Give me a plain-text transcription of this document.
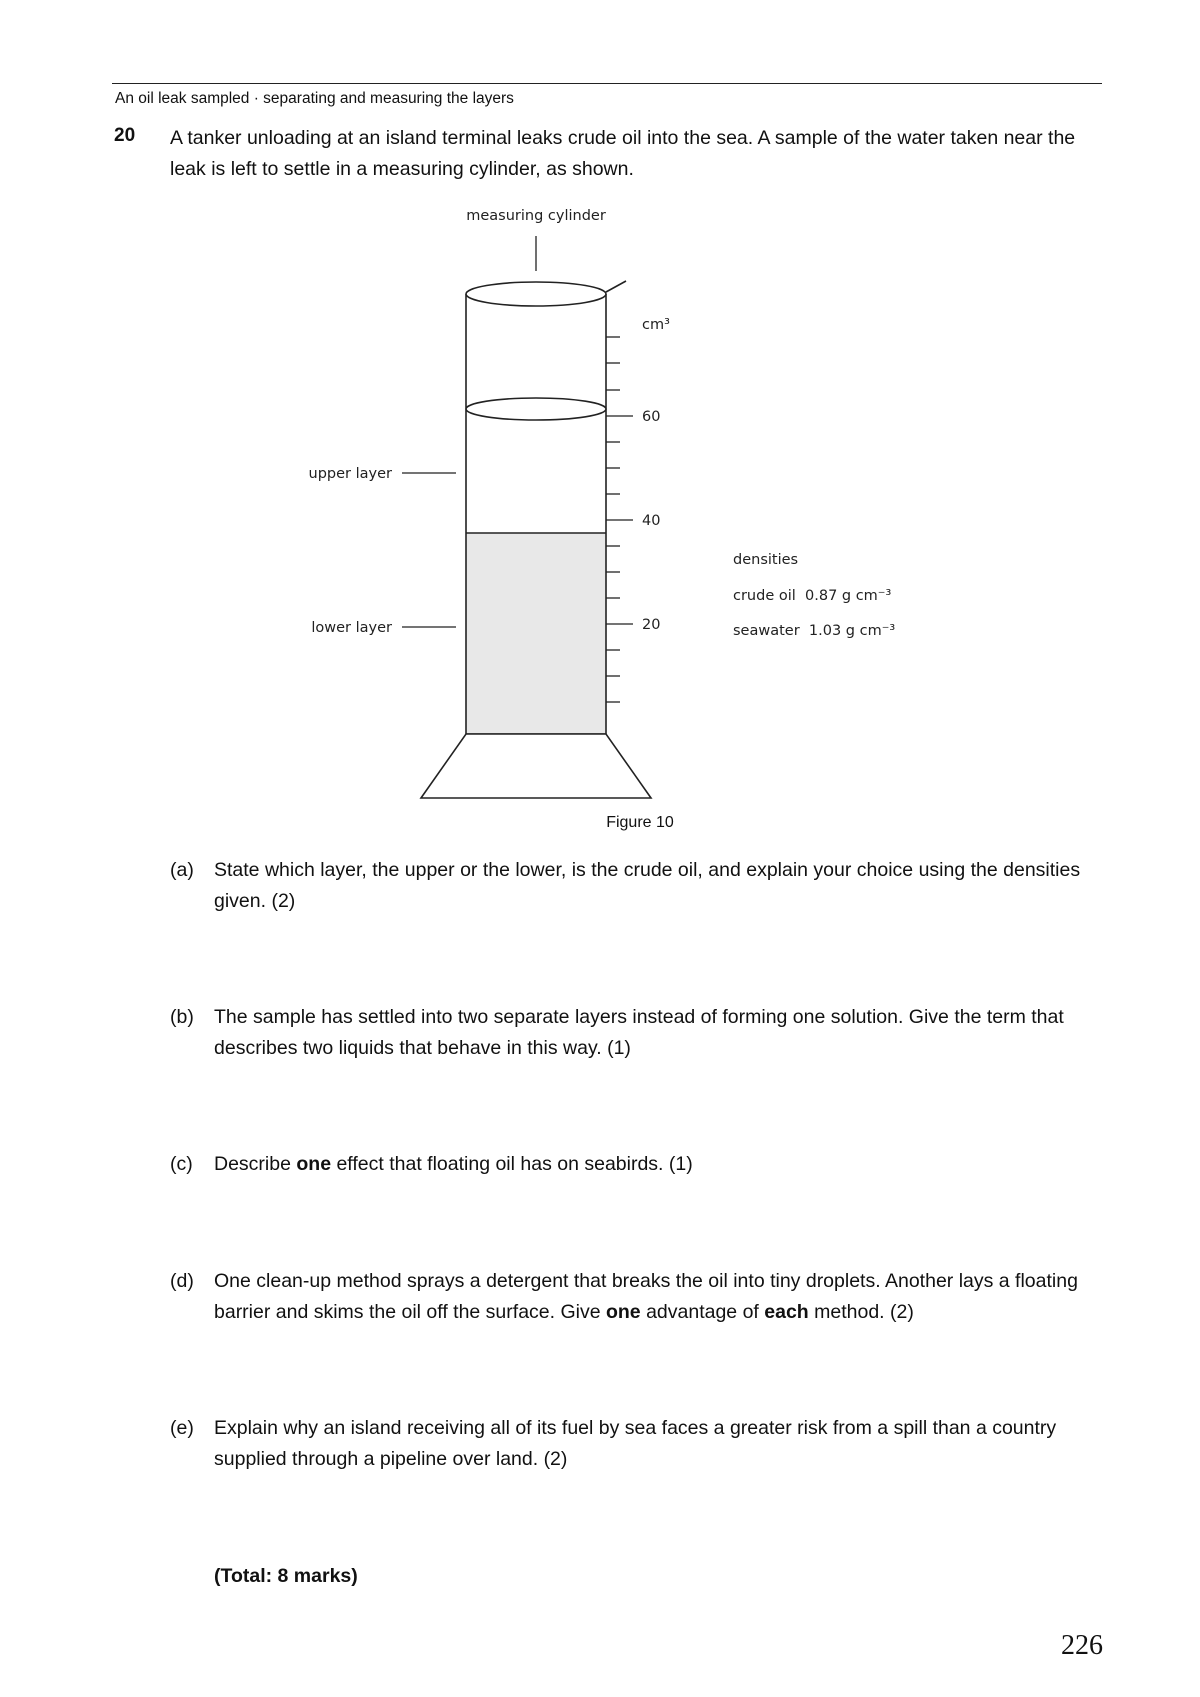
An oil leak sampled · separating and measuring the layers
20 A tanker unloading at an island terminal leaks crude oil into the sea. A sample of the water taken near the leak is left to settle in a measuring cylinder, as shown.
measuring cylinder
cm³
60
40
20
upper layer
lower layer
densities
crude oil  0.87 g cm⁻³
seawater  1.03 g cm⁻³
Figure 10
(a) State which layer, the upper or the lower, is the crude oil, and explain your choice using the densities given. (2)
(b) The sample has settled into two separate layers instead of forming one solution. Give the term that describes two liquids that behave in this way. (1)
(c) Describe one effect that floating oil has on seabirds. (1)
(d) One clean-up method sprays a detergent that breaks the oil into tiny droplets. Another lays a floating barrier and skims the oil off the surface. Give one advantage of each method. (2)
(e) Explain why an island receiving all of its fuel by sea faces a greater risk from a spill than a country supplied through a pipeline over land. (2)
(Total: 8 marks)
226
